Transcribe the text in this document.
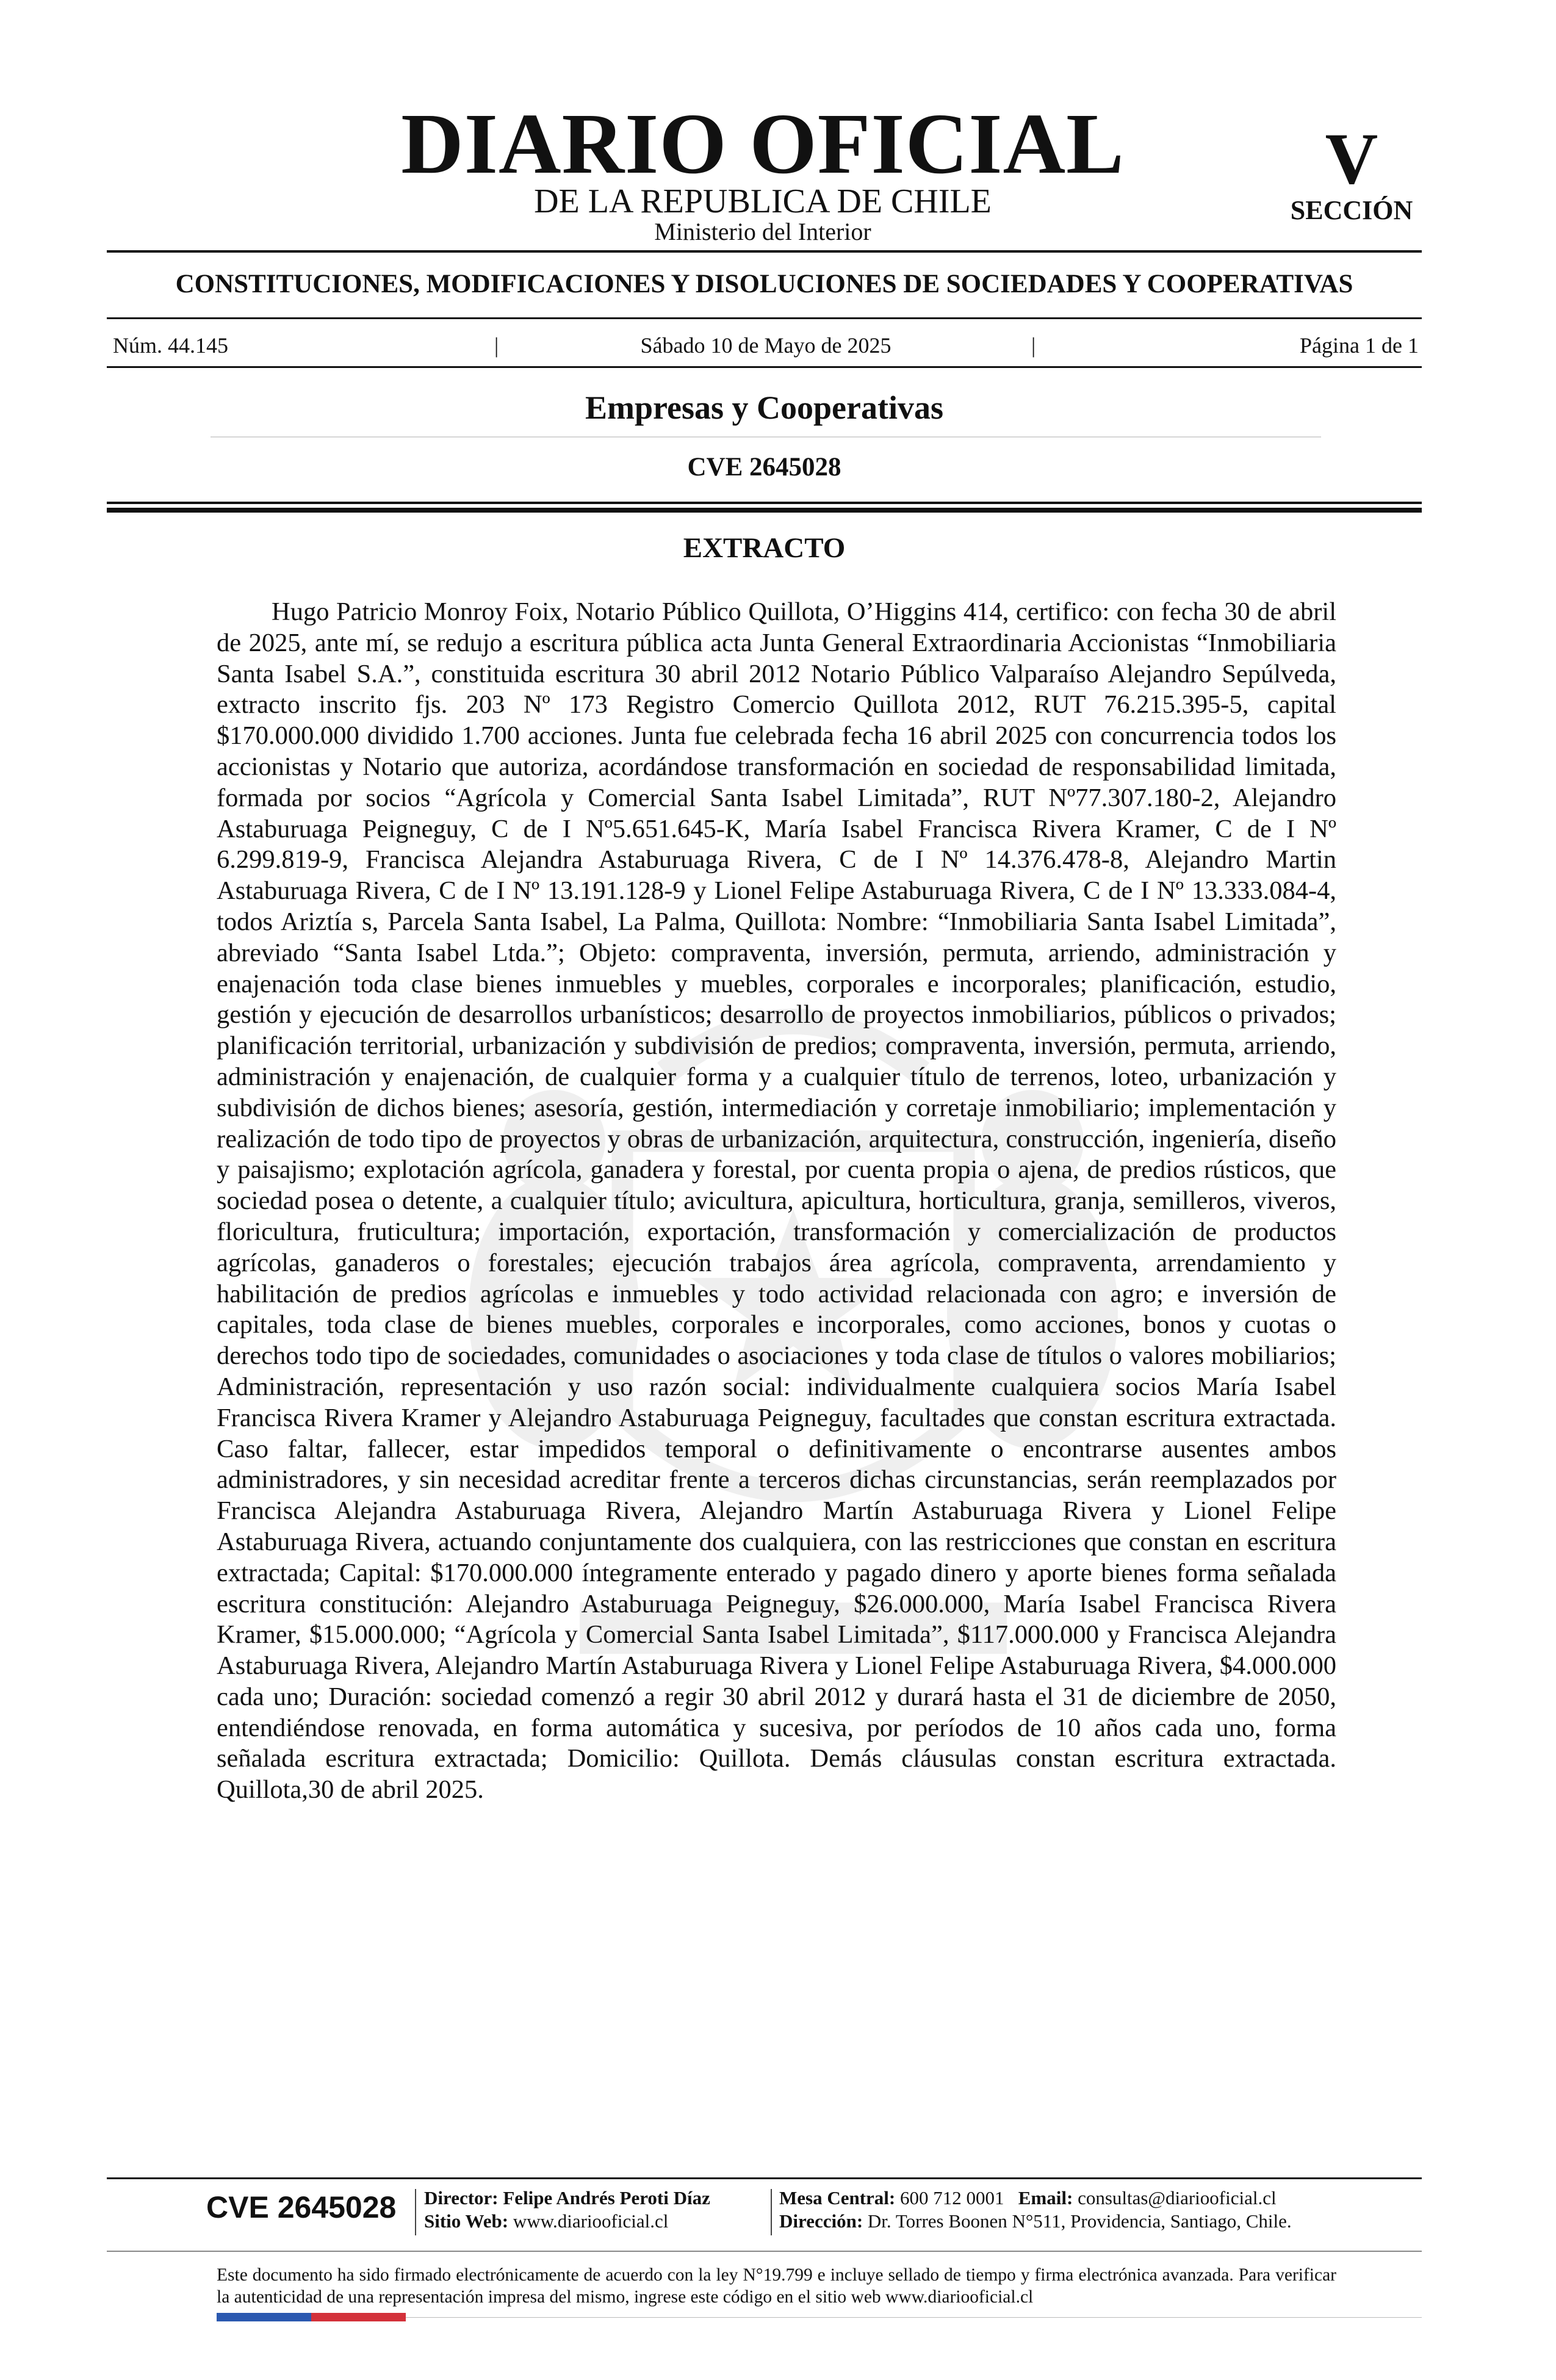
DIARIO OFICIAL
DE LA REPUBLICA DE CHILE
Ministerio del Interior
V
SECCIÓN
CONSTITUCIONES, MODIFICACIONES Y DISOLUCIONES DE SOCIEDADES Y COOPERATIVAS
Núm. 44.145	|	Sábado 10 de Mayo de 2025	|	Página 1 de 1
Empresas y Cooperativas
CVE 2645028
EXTRACTO

Hugo Patricio Monroy Foix, Notario Público Quillota, O’Higgins 414, certifico: con fecha 30 de abril de 2025, ante mí, se redujo a escritura pública acta Junta General Extraordinaria Accionistas “Inmobiliaria Santa Isabel S.A.”, constituida escritura 30 abril 2012 Notario Público Valparaíso Alejandro Sepúlveda, extracto inscrito fjs. 203 Nº 173 Registro Comercio Quillota 2012, RUT 76.215.395-5, capital $170.000.000 dividido 1.700 acciones. Junta fue celebrada fecha 16 abril 2025 con concurrencia todos los accionistas y Notario que autoriza, acordándose transformación en sociedad de responsabilidad limitada, formada por socios “Agrícola y Comercial Santa Isabel Limitada”, RUT Nº77.307.180-2, Alejandro Astaburuaga Peigneguy, C de I Nº5.651.645-K, María Isabel Francisca Rivera Kramer, C de I Nº 6.299.819-9, Francisca Alejandra Astaburuaga Rivera, C de I Nº 14.376.478-8, Alejandro Martin Astaburuaga Rivera, C de I Nº 13.191.128-9 y Lionel Felipe Astaburuaga Rivera, C de I Nº 13.333.084-4, todos Ariztía s, Parcela Santa Isabel, La Palma, Quillota: Nombre: “Inmobiliaria Santa Isabel Limitada”, abreviado “Santa Isabel Ltda.”; Objeto: compraventa, inversión, permuta, arriendo, administración y enajenación toda clase bienes inmuebles y muebles, corporales e incorporales; planificación, estudio, gestión y ejecución de desarrollos urbanísticos; desarrollo de proyectos inmobiliarios, públicos o privados; planificación territorial, urbanización y subdivisión de predios; compraventa, inversión, permuta, arriendo, administración y enajenación, de cualquier forma y a cualquier título de terrenos, loteo, urbanización y subdivisión de dichos bienes; asesoría, gestión, intermediación y corretaje inmobiliario; implementación y realización de todo tipo de proyectos y obras de urbanización, arquitectura, construcción, ingeniería, diseño y paisajismo; explotación agrícola, ganadera y forestal, por cuenta propia o ajena, de predios rústicos, que sociedad posea o detente, a cualquier título; avicultura, apicultura, horticultura, granja, semilleros, viveros, floricultura, fruticultura; importación, exportación, transformación y comercialización de productos agrícolas, ganaderos o forestales; ejecución trabajos área agrícola, compraventa, arrendamiento y habilitación de predios agrícolas e inmuebles y todo actividad relacionada con agro; e inversión de capitales, toda clase de bienes muebles, corporales e incorporales, como acciones, bonos y cuotas o derechos todo tipo de sociedades, comunidades o asociaciones y toda clase de títulos o valores mobiliarios; Administración, representación y uso razón social: individualmente cualquiera socios María Isabel Francisca Rivera Kramer y Alejandro Astaburuaga Peigneguy, facultades que constan escritura extractada. Caso faltar, fallecer, estar impedidos temporal o definitivamente o encontrarse ausentes ambos administradores, y sin necesidad acreditar frente a terceros dichas circunstancias, serán reemplazados por Francisca Alejandra Astaburuaga Rivera, Alejandro Martín Astaburuaga Rivera y Lionel Felipe Astaburuaga Rivera, actuando conjuntamente dos cualquiera, con las restricciones que constan en escritura extractada; Capital: $170.000.000 íntegramente enterado y pagado dinero y aporte bienes forma señalada escritura constitución: Alejandro Astaburuaga Peigneguy, $26.000.000, María Isabel Francisca Rivera Kramer, $15.000.000; “Agrícola y Comercial Santa Isabel Limitada”, $117.000.000 y Francisca Alejandra Astaburuaga Rivera, Alejandro Martín Astaburuaga Rivera y Lionel Felipe Astaburuaga Rivera, $4.000.000 cada uno; Duración: sociedad comenzó a regir 30 abril 2012 y durará hasta el 31 de diciembre de 2050, entendiéndose renovada, en forma automática y sucesiva, por períodos de 10 años cada uno, forma señalada escritura extractada; Domicilio: Quillota. Demás cláusulas constan escritura extractada. Quillota,30 de abril 2025.

CVE 2645028	Director: Felipe Andrés Peroti Díaz
Sitio Web: www.diariooficial.cl
Mesa Central: 600 712 0001 Email: consultas@diariooficial.cl
Dirección: Dr. Torres Boonen N°511, Providencia, Santiago, Chile.
Este documento ha sido firmado electrónicamente de acuerdo con la ley N°19.799 e incluye sellado de tiempo y firma electrónica avanzada. Para verificar la autenticidad de una representación impresa del mismo, ingrese este código en el sitio web www.diariooficial.cl
